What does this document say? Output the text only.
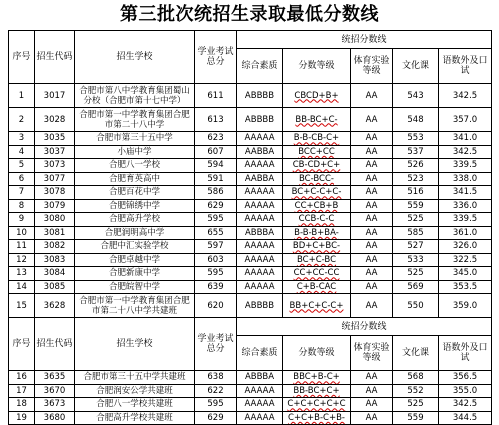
第三批次统招生录取最低分数线
序号	招生代码	招生学校	学业考试总分	统招分数线				
				综合素质	分数等级	体育实验等级	文化课	语数外及口试
1	3017	合肥市第八中学教育集团蜀山分校（合肥市第十七中学）	611	ABBBB	CBCD+B+	AA	543	342.5
2	3028	合肥市第一中学教育集团合肥市第二十八中学	613	ABBBB	BB-BC+C-	AA	548	357.0
3	3035	合肥市第三十五中学	623	AAAAA	B-B-CB-C+	AA	553	341.0
4	3037	小庙中学	607	AABBA	BCC+CC	AA	537	342.5
5	3073	合肥八一学校	594	AAAAA	CB-CD+C+	AA	526	339.5
6	3077	合肥育英高中	591	AABBA	BC-BCC-	AA	523	338.0
7	3078	合肥百花中学	586	AAAAA	BC+C-C+C-	AA	516	341.5
8	3079	合肥锦绣中学	629	AAAAA	CC+CB+B	AA	559	336.0
9	3080	合肥高升学校	595	AAAAA	CCB-C-C	AA	525	339.5
10	3081	合肥润明高中学	655	ABBBA	B-B-B+BA-	AA	585	361.0
11	3082	合肥中汇实验学校	597	AAAAA	BD+C+BC-	AA	527	326.0
12	3083	合肥卓越中学	603	AAAAA	BC+C-BC	AA	533	322.5
13	3084	合肥新康中学	595	AAAAA	CC+CC-CC	AA	525	345.0
14	3085	合肥皖智中学	639	AAAAA	C+B-CAC	AA	569	353.5
15	3628	合肥市第一中学教育集团合肥市第二十八中学共建班	620	ABBBB	BB+C+C-C+	AA	550	359.0
序号	招生代码	招生学校	学业考试总分	统招分数线				
				综合素质	分数等级	体育实验等级	文化课	语数外及口试
16	3635	合肥市第三十五中学共建班	638	ABBBA	BBC+B-C+	AA	568	356.5
17	3670	合肥润安公学共建班	622	AAAAA	BB-BC+C+	AA	552	355.0
18	3673	合肥八一学校共建班	595	AAAAA	C+C+C+C+C	AA	525	342.5
19	3680	合肥高升学校共建班	629	AAAAA	C+C+B-C+B-	AA	559	344.5
